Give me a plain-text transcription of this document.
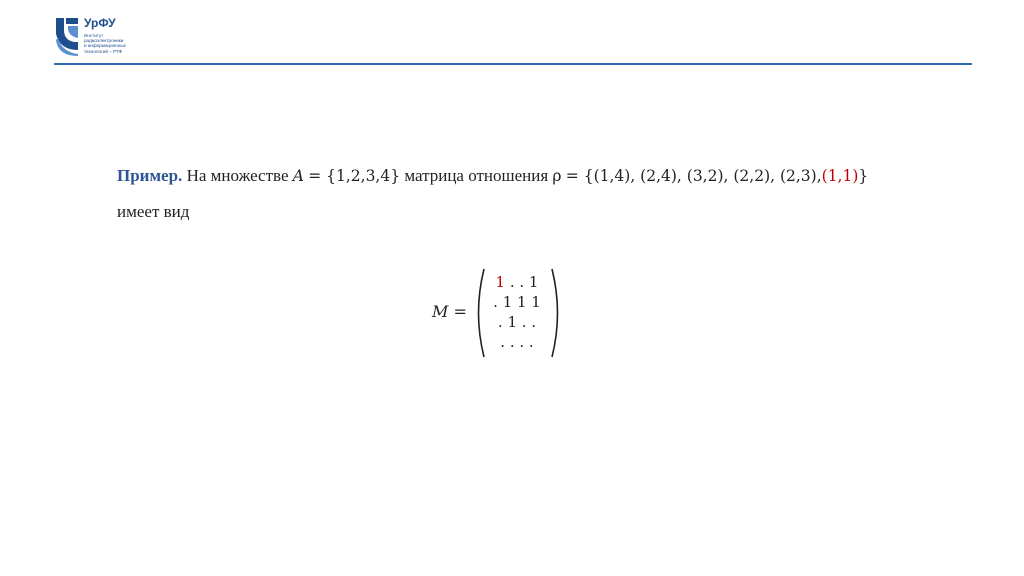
УрФУ
Институт
радиоэлектроники
и информационных
технологий – РТФ
Пример. На множестве A = {1,2,3,4} матрица отношения ρ = {(1,4), (2,4), (3,2), (2,2), (2,3),(1,1)}
имеет вид
M =
1 . . 1
. 1 1 1
. 1 . .
. . . .
